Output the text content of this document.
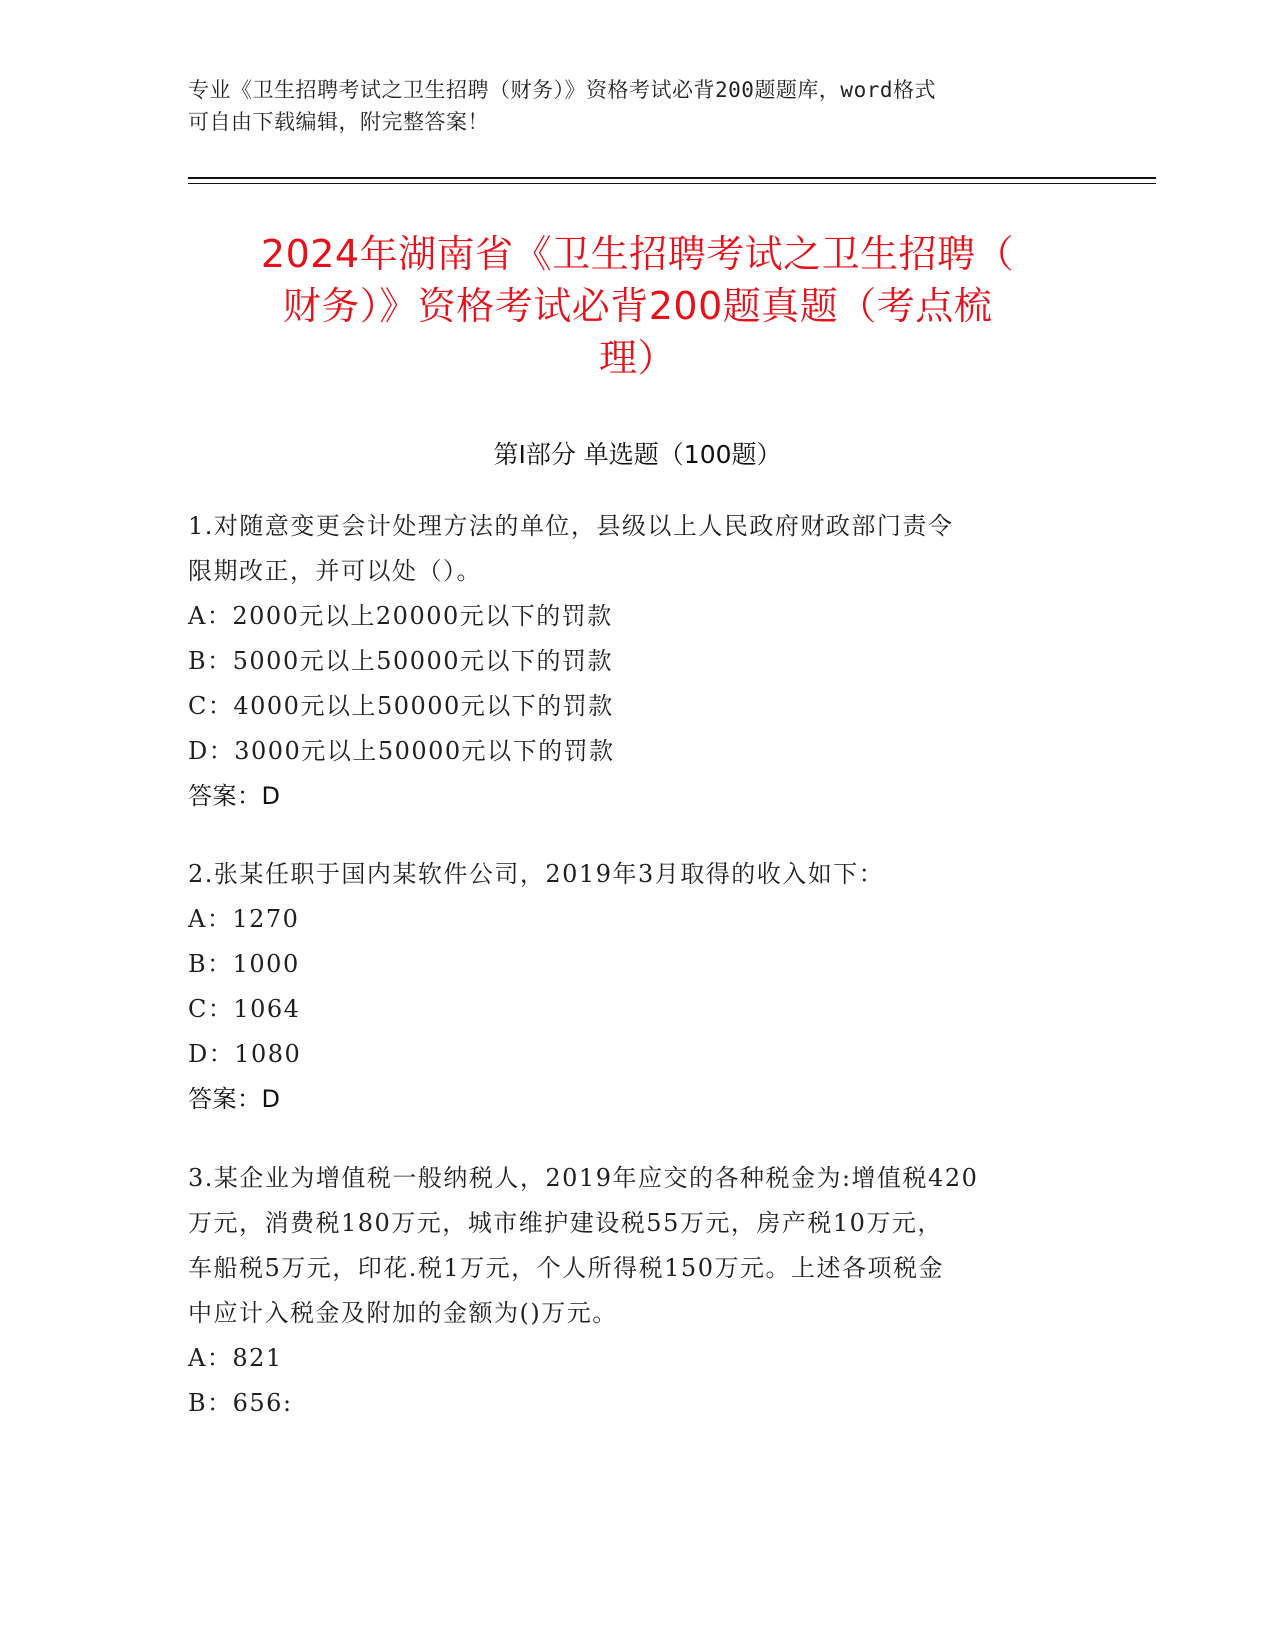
专业《卫生招聘考试之卫生招聘（财务）》资格考试必背200题题库，word格式
可自由下载编辑，附完整答案！
2024年湖南省《卫生招聘考试之卫生招聘（
财务）》资格考试必背200题真题（考点梳
理）
第Ⅰ部分 单选题（100题）

1.对随意变更会计处理方法的单位，县级以上人民政府财政部门责令

限期改正，并可以处（）。

A：2000元以上20000元以下的罚款

B：5000元以上50000元以下的罚款

C：4000元以上50000元以下的罚款

D：3000元以上50000元以下的罚款

答案：D

2.张某任职于国内某软件公司，2019年3月取得的收入如下：

A：1270

B：1000

C：1064

D：1080

答案：D

3.某企业为增值税一般纳税人，2019年应交的各种税金为:增值税420

万元，消费税180万元，城市维护建设税55万元，房产税10万元，

车船税5万元，印花.税1万元，个人所得税150万元。上述各项税金

中应计入税金及附加的金额为()万元。

A：821

B：656:
